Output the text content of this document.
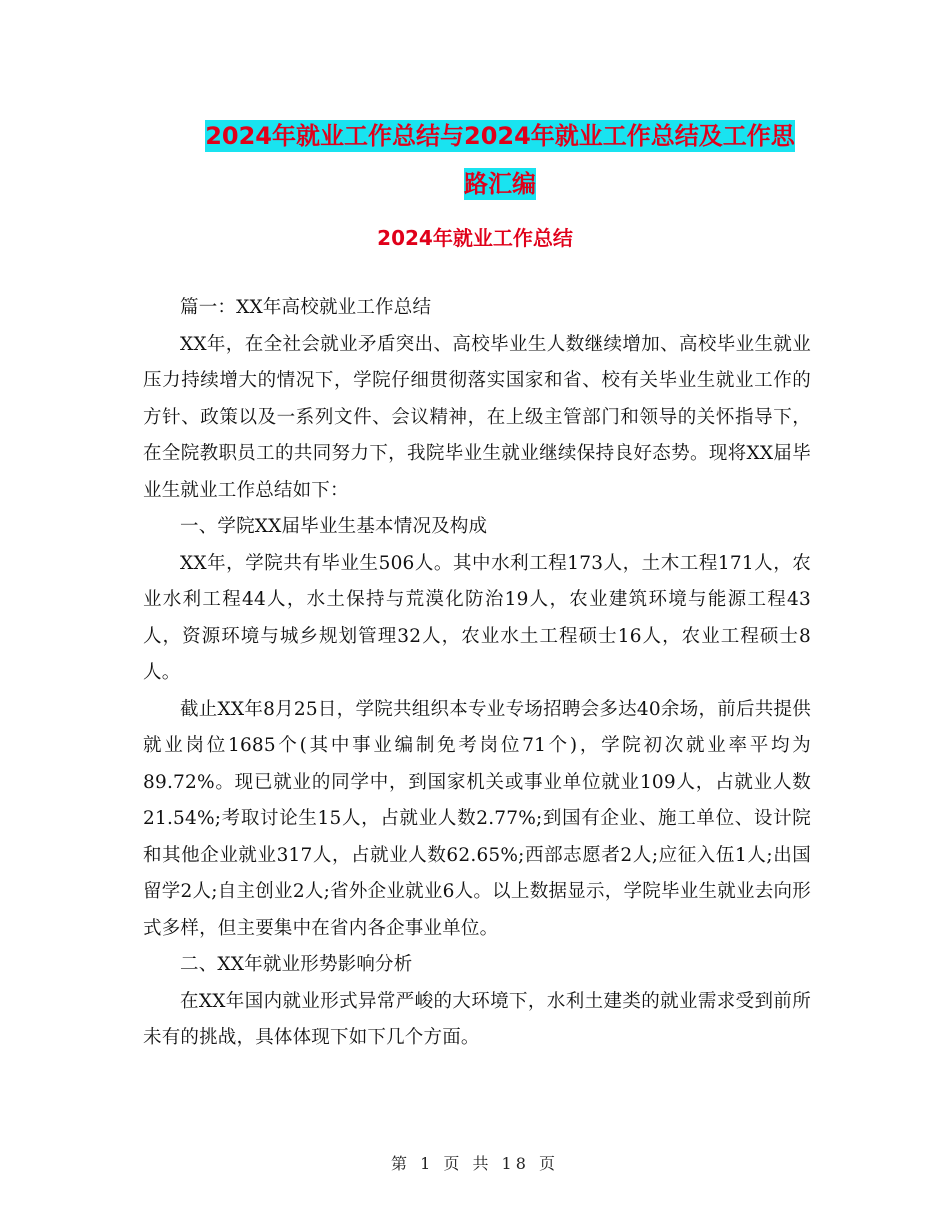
2024年就业工作总结与2024年就业工作总结及工作思
路汇编
2024年就业工作总结

篇一：XX年高校就业工作总结

XX年，在全社会就业矛盾突出、高校毕业生人数继续增加、高校毕业生就业压力持续增大的情况下，学院仔细贯彻落实国家和省、校有关毕业生就业工作的方针、政策以及一系列文件、会议精神，在上级主管部门和领导的关怀指导下，在全院教职员工的共同努力下，我院毕业生就业继续保持良好态势。现将XX届毕业生就业工作总结如下：

一、学院XX届毕业生基本情况及构成

XX年，学院共有毕业生506人。其中水利工程173人，土木工程171人，农业水利工程44人，水土保持与荒漠化防治19人，农业建筑环境与能源工程43人，资源环境与城乡规划管理32人，农业水土工程硕士16人，农业工程硕士8人。

截止XX年8月25日，学院共组织本专业专场招聘会多达40余场，前后共提供就业岗位1685个(其中事业编制免考岗位71个)，学院初次就业率平均为89.72%。现已就业的同学中，到国家机关或事业单位就业109人，占就业人数21.54%;考取讨论生15人，占就业人数2.77%;到国有企业、施工单位、设计院和其他企业就业317人，占就业人数62.65%;西部志愿者2人;应征入伍1人;出国留学2人;自主创业2人;省外企业就业6人。以上数据显示，学院毕业生就业去向形式多样，但主要集中在省内各企事业单位。

二、XX年就业形势影响分析

在XX年国内就业形式异常严峻的大环境下，水利土建类的就业需求受到前所未有的挑战，具体体现下如下几个方面。

第 1 页 共 18 页
